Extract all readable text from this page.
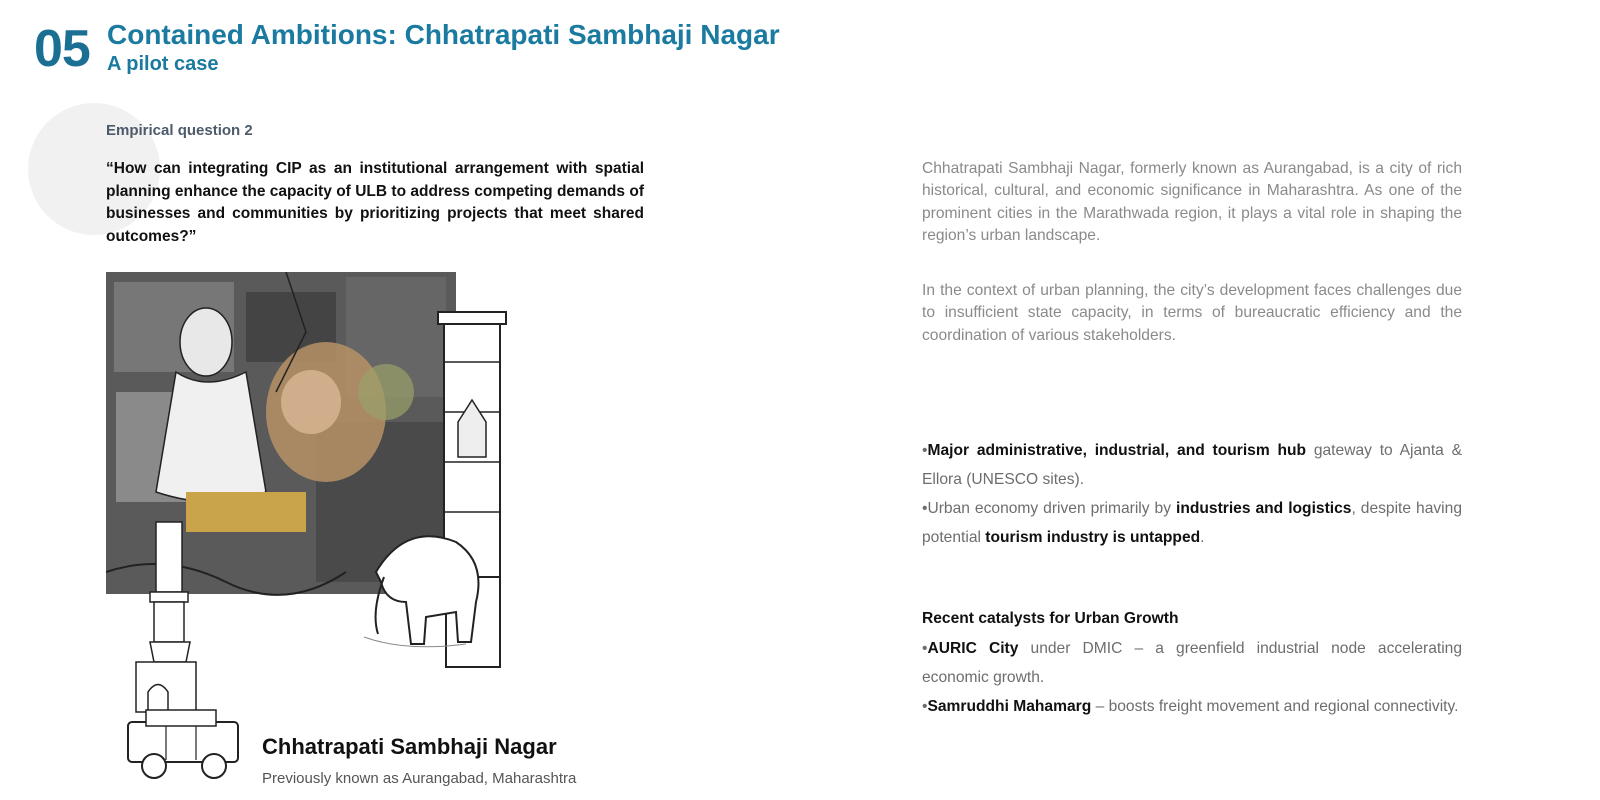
05 Contained Ambitions: Chhatrapati Sambhaji Nagar
A pilot case
Empirical question 2
“How can integrating CIP as an institutional arrangement with spatial planning enhance the capacity of ULB to address competing demands of businesses and communities by prioritizing projects that meet shared outcomes?”
Chhatrapati Sambhaji Nagar
Previously known as Aurangabad, Maharashtra
Chhatrapati Sambhaji Nagar, formerly known as Aurangabad, is a city of rich historical, cultural, and economic significance in Maharashtra. As one of the prominent cities in the Marathwada region, it plays a vital role in shaping the region’s urban landscape.
In the context of urban planning, the city’s development faces challenges due to insufficient state capacity, in terms of bureaucratic efficiency and the coordination of various stakeholders.

•Major administrative, industrial, and tourism hub gateway to Ajanta & Ellora (UNESCO sites).

•Urban economy driven primarily by industries and logistics, despite having potential tourism industry is untapped.

Recent catalysts for Urban Growth

•AURIC City under DMIC – a greenfield industrial node accelerating economic growth.

•Samruddhi Mahamarg – boosts freight movement and regional connectivity.
